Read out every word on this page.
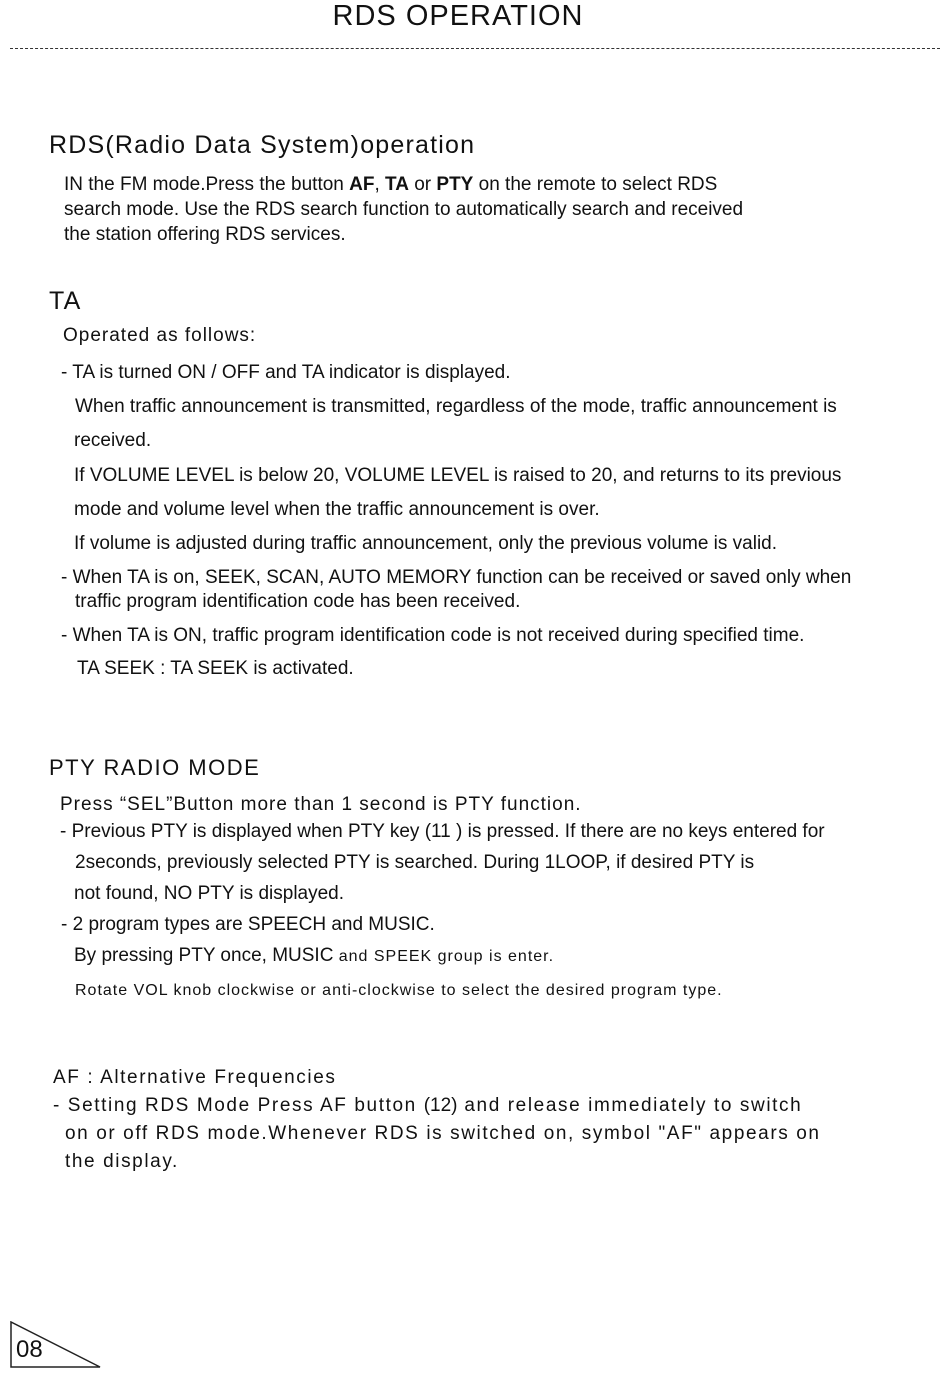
RDS OPERATION
RDS(Radio Data System)operation
IN the FM mode.Press the button AF, TA or PTY on the remote to select RDS
search mode. Use the RDS search function to automatically search and received
the station offering RDS services.
TA
Operated as follows:
- TA is turned ON / OFF and TA indicator is displayed.
When traffic announcement is transmitted, regardless of the mode, traffic announcement is
received.
If VOLUME LEVEL is below 20, VOLUME LEVEL is raised to 20, and returns to its previous
mode and volume level when the traffic announcement is over.
If volume is adjusted during traffic announcement, only the previous volume is valid.
- When TA is on, SEEK, SCAN, AUTO MEMORY function can be received or saved only when
traffic program identification code has been received.
- When TA is ON, traffic program identification code is not received during specified time.
TA SEEK : TA SEEK is activated.
PTY RADIO MODE
Press “SEL”Button more than 1 second is PTY function.
- Previous PTY is displayed when PTY key (11 ) is pressed. If there are no keys entered for
2seconds, previously selected PTY is searched. During 1LOOP, if desired PTY is
not found, NO PTY is displayed.
- 2 program types are SPEECH and MUSIC.
By pressing PTY once, MUSIC and SPEEK group is enter.
Rotate VOL knob clockwise or anti-clockwise to select the desired program type.
AF : Alternative Frequencies
- Setting RDS Mode Press AF button (12) and release immediately to switch
on or off RDS mode.Whenever RDS is switched on, symbol "AF" appears on
the display.
08
